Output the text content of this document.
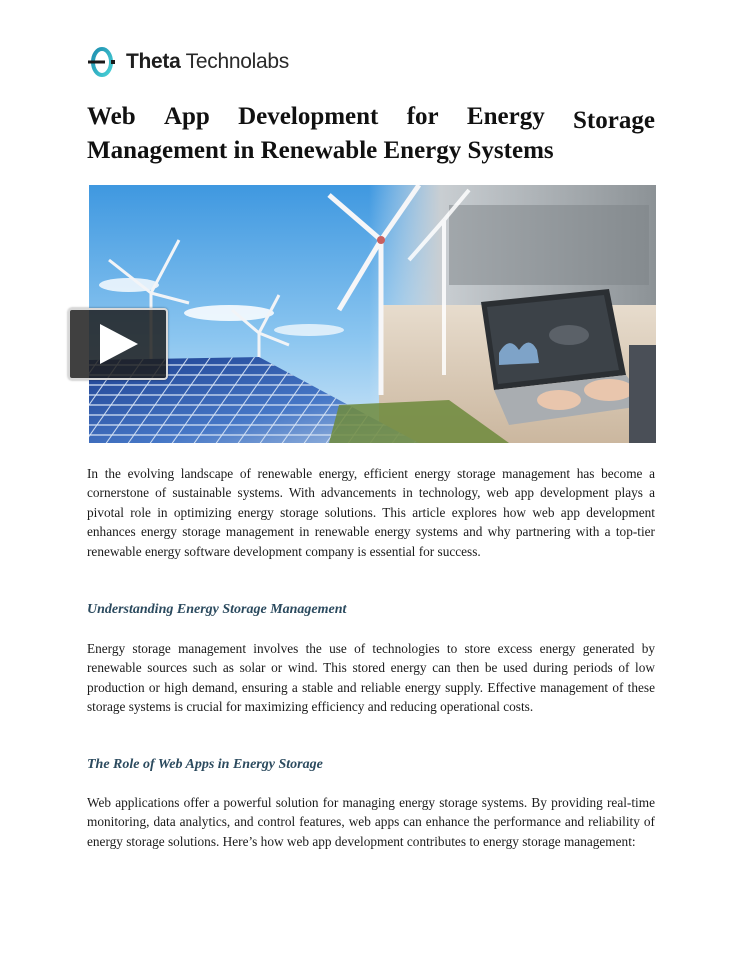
Theta Technolabs
Web App Development for Energy Storage
Management in Renewable Energy Systems

In the evolving landscape of renewable energy, efficient energy storage management has become a cornerstone of sustainable systems. With advancements in technology, web app development plays a pivotal role in optimizing energy storage solutions. This article explores how web app development enhances energy storage management in renewable energy systems and why partnering with a top-tier renewable energy software development company is essential for success.

Understanding Energy Storage Management

Energy storage management involves the use of technologies to store excess energy generated by renewable sources such as solar or wind. This stored energy can then be used during periods of low production or high demand, ensuring a stable and reliable energy supply. Effective management of these storage systems is crucial for maximizing efficiency and reducing operational costs.

The Role of Web Apps in Energy Storage

Web applications offer a powerful solution for managing energy storage systems. By providing real-time monitoring, data analytics, and control features, web apps can enhance the performance and reliability of energy storage solutions. Here’s how web app development contributes to energy storage management:
